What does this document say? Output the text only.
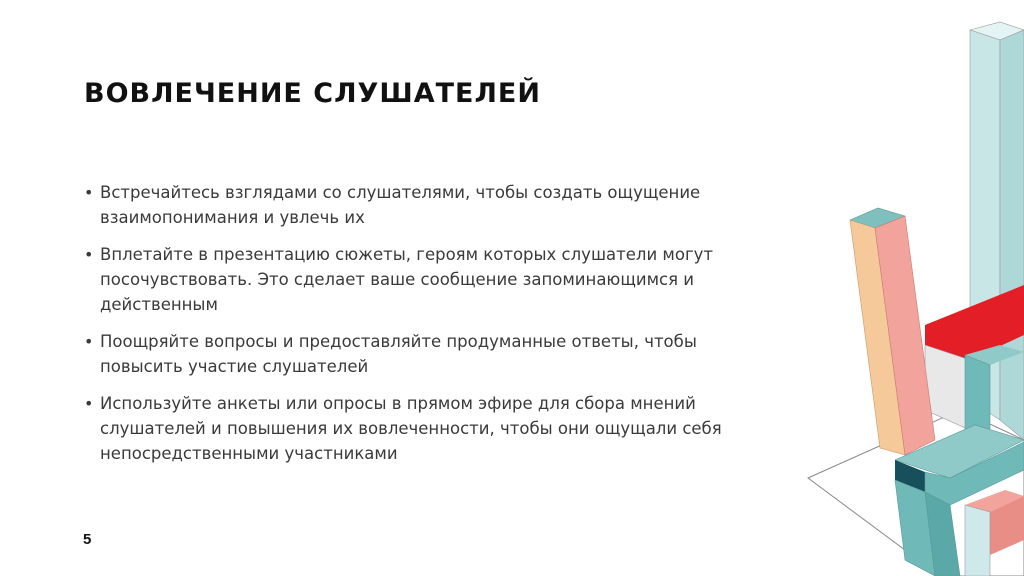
ВОВЛЕЧЕНИЕ СЛУШАТЕЛЕЙ
• Встречайтесь взглядами со слушателями, чтобы создать ощущение взаимопонимания и увлечь их
• Вплетайте в презентацию сюжеты, героям которых слушатели могут посочувствовать. Это сделает ваше сообщение запоминающимся и действенным
• Поощряйте вопросы и предоставляйте продуманные ответы, чтобы повысить участие слушателей
• Используйте анкеты или опросы в прямом эфире для сбора мнений слушателей и повышения их вовлеченности, чтобы они ощущали себя непосредственными участниками
5
